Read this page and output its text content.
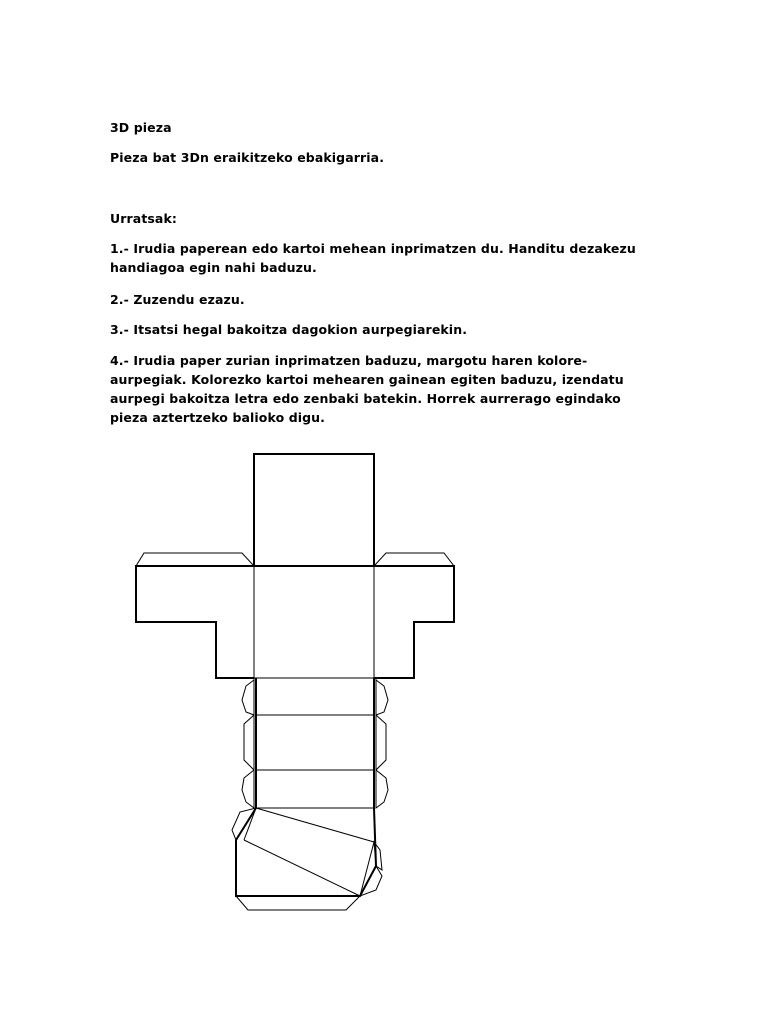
3D pieza
Pieza bat 3Dn eraikitzeko ebakigarria.
Urratsak:
1.- Irudia paperean edo kartoi mehean inprimatzen du. Handitu dezakezu handiagoa egin nahi baduzu.
2.- Zuzendu ezazu.
3.- Itsatsi hegal bakoitza dagokion aurpegiarekin.
4.- Irudia paper zurian inprimatzen baduzu, margotu haren kolore-aurpegiak. Kolorezko kartoi mehearen gainean egiten baduzu, izendatu aurpegi bakoitza letra edo zenbaki batekin. Horrek aurrerago egindako pieza aztertzeko balioko digu.
